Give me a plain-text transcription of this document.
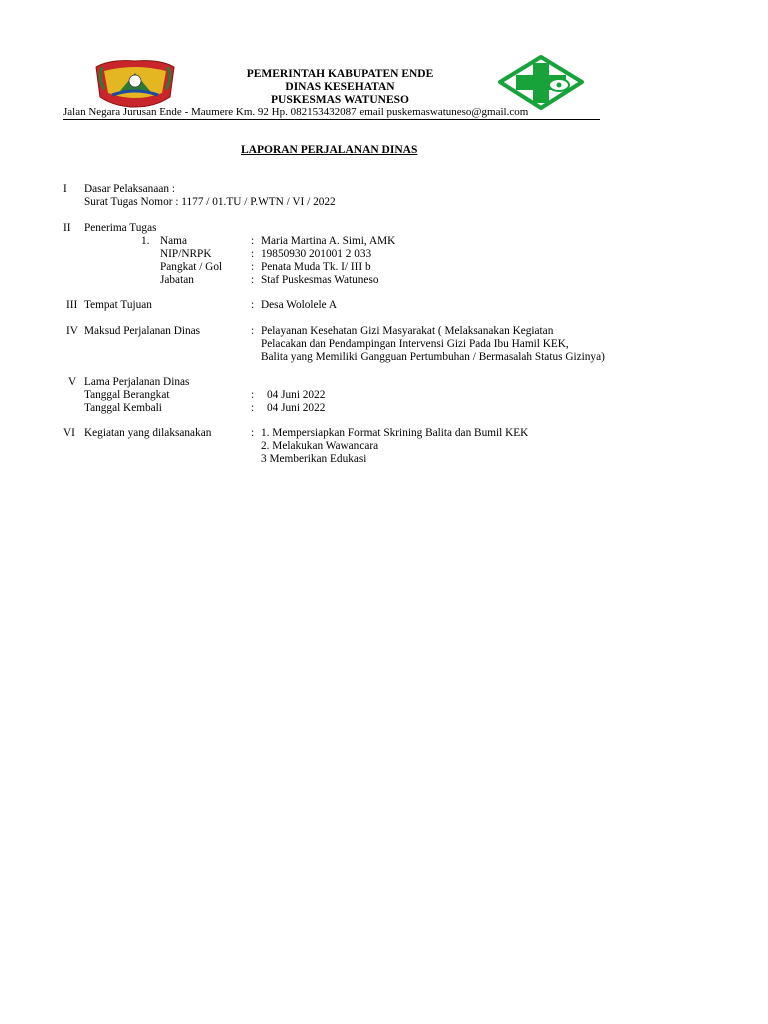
PEMERINTAH KABUPATEN ENDE
DINAS KESEHATAN
PUSKESMAS WATUNESO
Jalan Negara Jurusan Ende - Maumere Km. 92 Hp. 082153432087 email puskemaswatuneso@gmail.com
LAPORAN PERJALANAN DINAS
I Dasar Pelaksanaan :
Surat Tugas Nomor : 1177 / 01.TU / P.WTN / VI / 2022
II Penerima Tugas
1. Nama	: Maria Martina A. Simi, AMK
NIP/NRPK	: 19850930 201001 2 033
Pangkat / Gol	: Penata Muda Tk. I/ III b
Jabatan	: Staf Puskesmas Watuneso
III Tempat Tujuan	: Desa Wololele A
IV Maksud Perjalanan Dinas	: Pelayanan Kesehatan Gizi Masyarakat ( Melaksanakan Kegiatan
Pelacakan dan Pendampingan Intervensi Gizi Pada Ibu Hamil KEK,
Balita yang Memiliki Gangguan Pertumbuhan / Bermasalah Status Gizinya)
V Lama Perjalanan Dinas
Tanggal Berangkat	: 04 Juni 2022
Tanggal Kembali	: 04 Juni 2022
VI Kegiatan yang dilaksanakan	: 1. Mempersiapkan Format Skrining Balita dan Bumil KEK
2. Melakukan Wawancara
3 Memberikan Edukasi
